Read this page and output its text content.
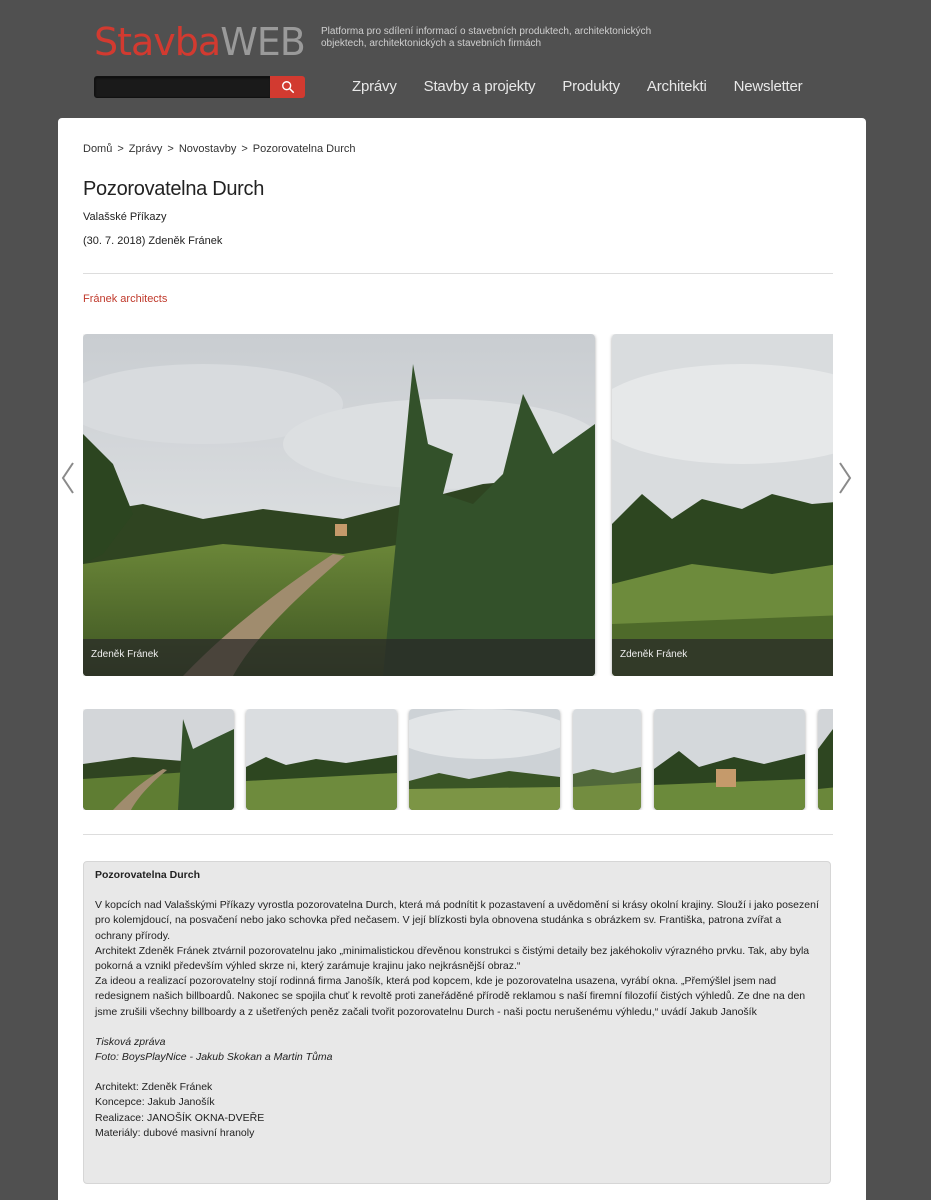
StavbaWEB Platforma pro sdílení informací o stavebních produktech, architektonických objektech, architektonických a stavebních firmách
Zprávy Stavby a projekty Produkty Architekti Newsletter
Domů > Zprávy > Novostavby > Pozorovatelna Durch
Pozorovatelna Durch
Valašské Příkazy
(30. 7. 2018) Zdeněk Fránek
Fránek architects
Zdeněk Fránek	Zdeněk Fránek
Pozorovatelna Durch

V kopcích nad Valašskými Příkazy vyrostla pozorovatelna Durch, která má podnítit k pozastavení a uvědomění si krásy okolní krajiny. Slouží i jako posezení pro kolemjdoucí, na posvačení nebo jako schovka před nečasem. V její blízkosti byla obnovena studánka s obrázkem sv. Františka, patrona zvířat a ochrany přírody.

Architekt Zdeněk Fránek ztvárnil pozorovatelnu jako „minimalistickou dřevěnou konstrukci s čistými detaily bez jakéhokoliv výrazného prvku. Tak, aby byla pokorná a vznikl především výhled skrze ni, který zarámuje krajinu jako nejkrásnější obraz.“

Za ideou a realizací pozorovatelny stojí rodinná firma Janošík, která pod kopcem, kde je pozorovatelna usazena, vyrábí okna. „Přemýšlel jsem nad redesignem našich billboardů. Nakonec se spojila chuť k revoltě proti zaneřáděné přírodě reklamou s naší firemní filozofií čistých výhledů. Ze dne na den jsme zrušili všechny billboardy a z ušetřených peněz začali tvořit pozorovatelnu Durch - naši poctu nerušenému výhledu,“ uvádí Jakub Janošík

Tisková zpráva

Foto: BoysPlayNice - Jakub Skokan a Martin Tůma

Architekt: Zdeněk Fránek

Koncepce: Jakub Janošík

Realizace: JANOŠÍK OKNA-DVEŘE

Materiály: dubové masivní hranoly
